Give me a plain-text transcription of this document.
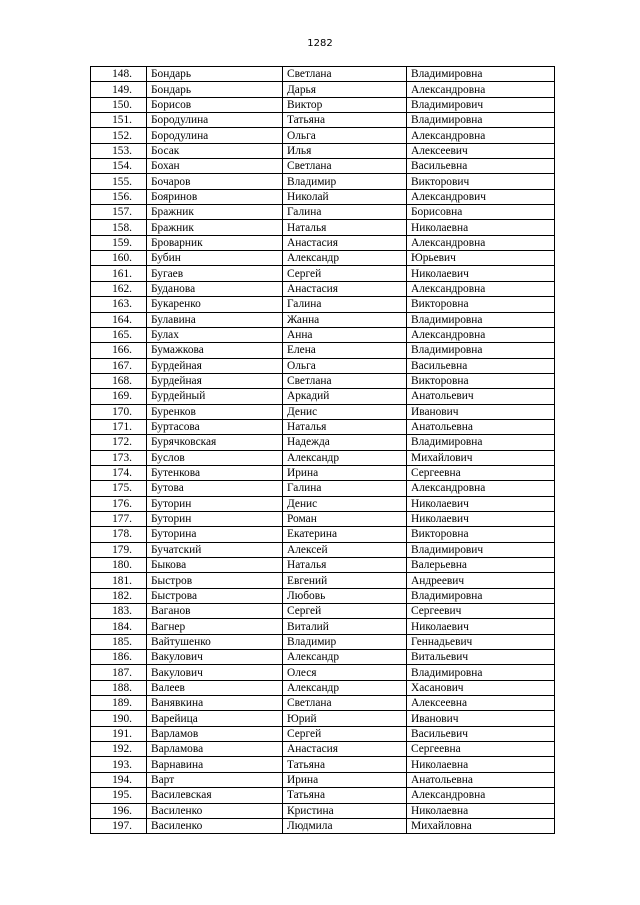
1282
148.	Бондарь	Светлана	Владимировна
149.	Бондарь	Дарья	Александровна
150.	Борисов	Виктор	Владимирович
151.	Бородулина	Татьяна	Владимировна
152.	Бородулина	Ольга	Александровна
153.	Босак	Илья	Алексеевич
154.	Бохан	Светлана	Васильевна
155.	Бочаров	Владимир	Викторович
156.	Бояринов	Николай	Александрович
157.	Бражник	Галина	Борисовна
158.	Бражник	Наталья	Николаевна
159.	Броварник	Анастасия	Александровна
160.	Бубин	Александр	Юрьевич
161.	Бугаев	Сергей	Николаевич
162.	Буданова	Анастасия	Александровна
163.	Букаренко	Галина	Викторовна
164.	Булавина	Жанна	Владимировна
165.	Булах	Анна	Александровна
166.	Бумажкова	Елена	Владимировна
167.	Бурдейная	Ольга	Васильевна
168.	Бурдейная	Светлана	Викторовна
169.	Бурдейный	Аркадий	Анатольевич
170.	Буренков	Денис	Иванович
171.	Буртасова	Наталья	Анатольевна
172.	Бурячковская	Надежда	Владимировна
173.	Буслов	Александр	Михайлович
174.	Бутенкова	Ирина	Сергеевна
175.	Бутова	Галина	Александровна
176.	Буторин	Денис	Николаевич
177.	Буторин	Роман	Николаевич
178.	Буторина	Екатерина	Викторовна
179.	Бучатский	Алексей	Владимирович
180.	Быкова	Наталья	Валерьевна
181.	Быстров	Евгений	Андреевич
182.	Быстрова	Любовь	Владимировна
183.	Ваганов	Сергей	Сергеевич
184.	Вагнер	Виталий	Николаевич
185.	Вайтушенко	Владимир	Геннадьевич
186.	Вакулович	Александр	Витальевич
187.	Вакулович	Олеся	Владимировна
188.	Валеев	Александр	Хасанович
189.	Ванявкина	Светлана	Алексеевна
190.	Варейица	Юрий	Иванович
191.	Варламов	Сергей	Васильевич
192.	Варламова	Анастасия	Сергеевна
193.	Варнавина	Татьяна	Николаевна
194.	Варт	Ирина	Анатольевна
195.	Василевская	Татьяна	Александровна
196.	Василенко	Кристина	Николаевна
197.	Василенко	Людмила	Михайловна
